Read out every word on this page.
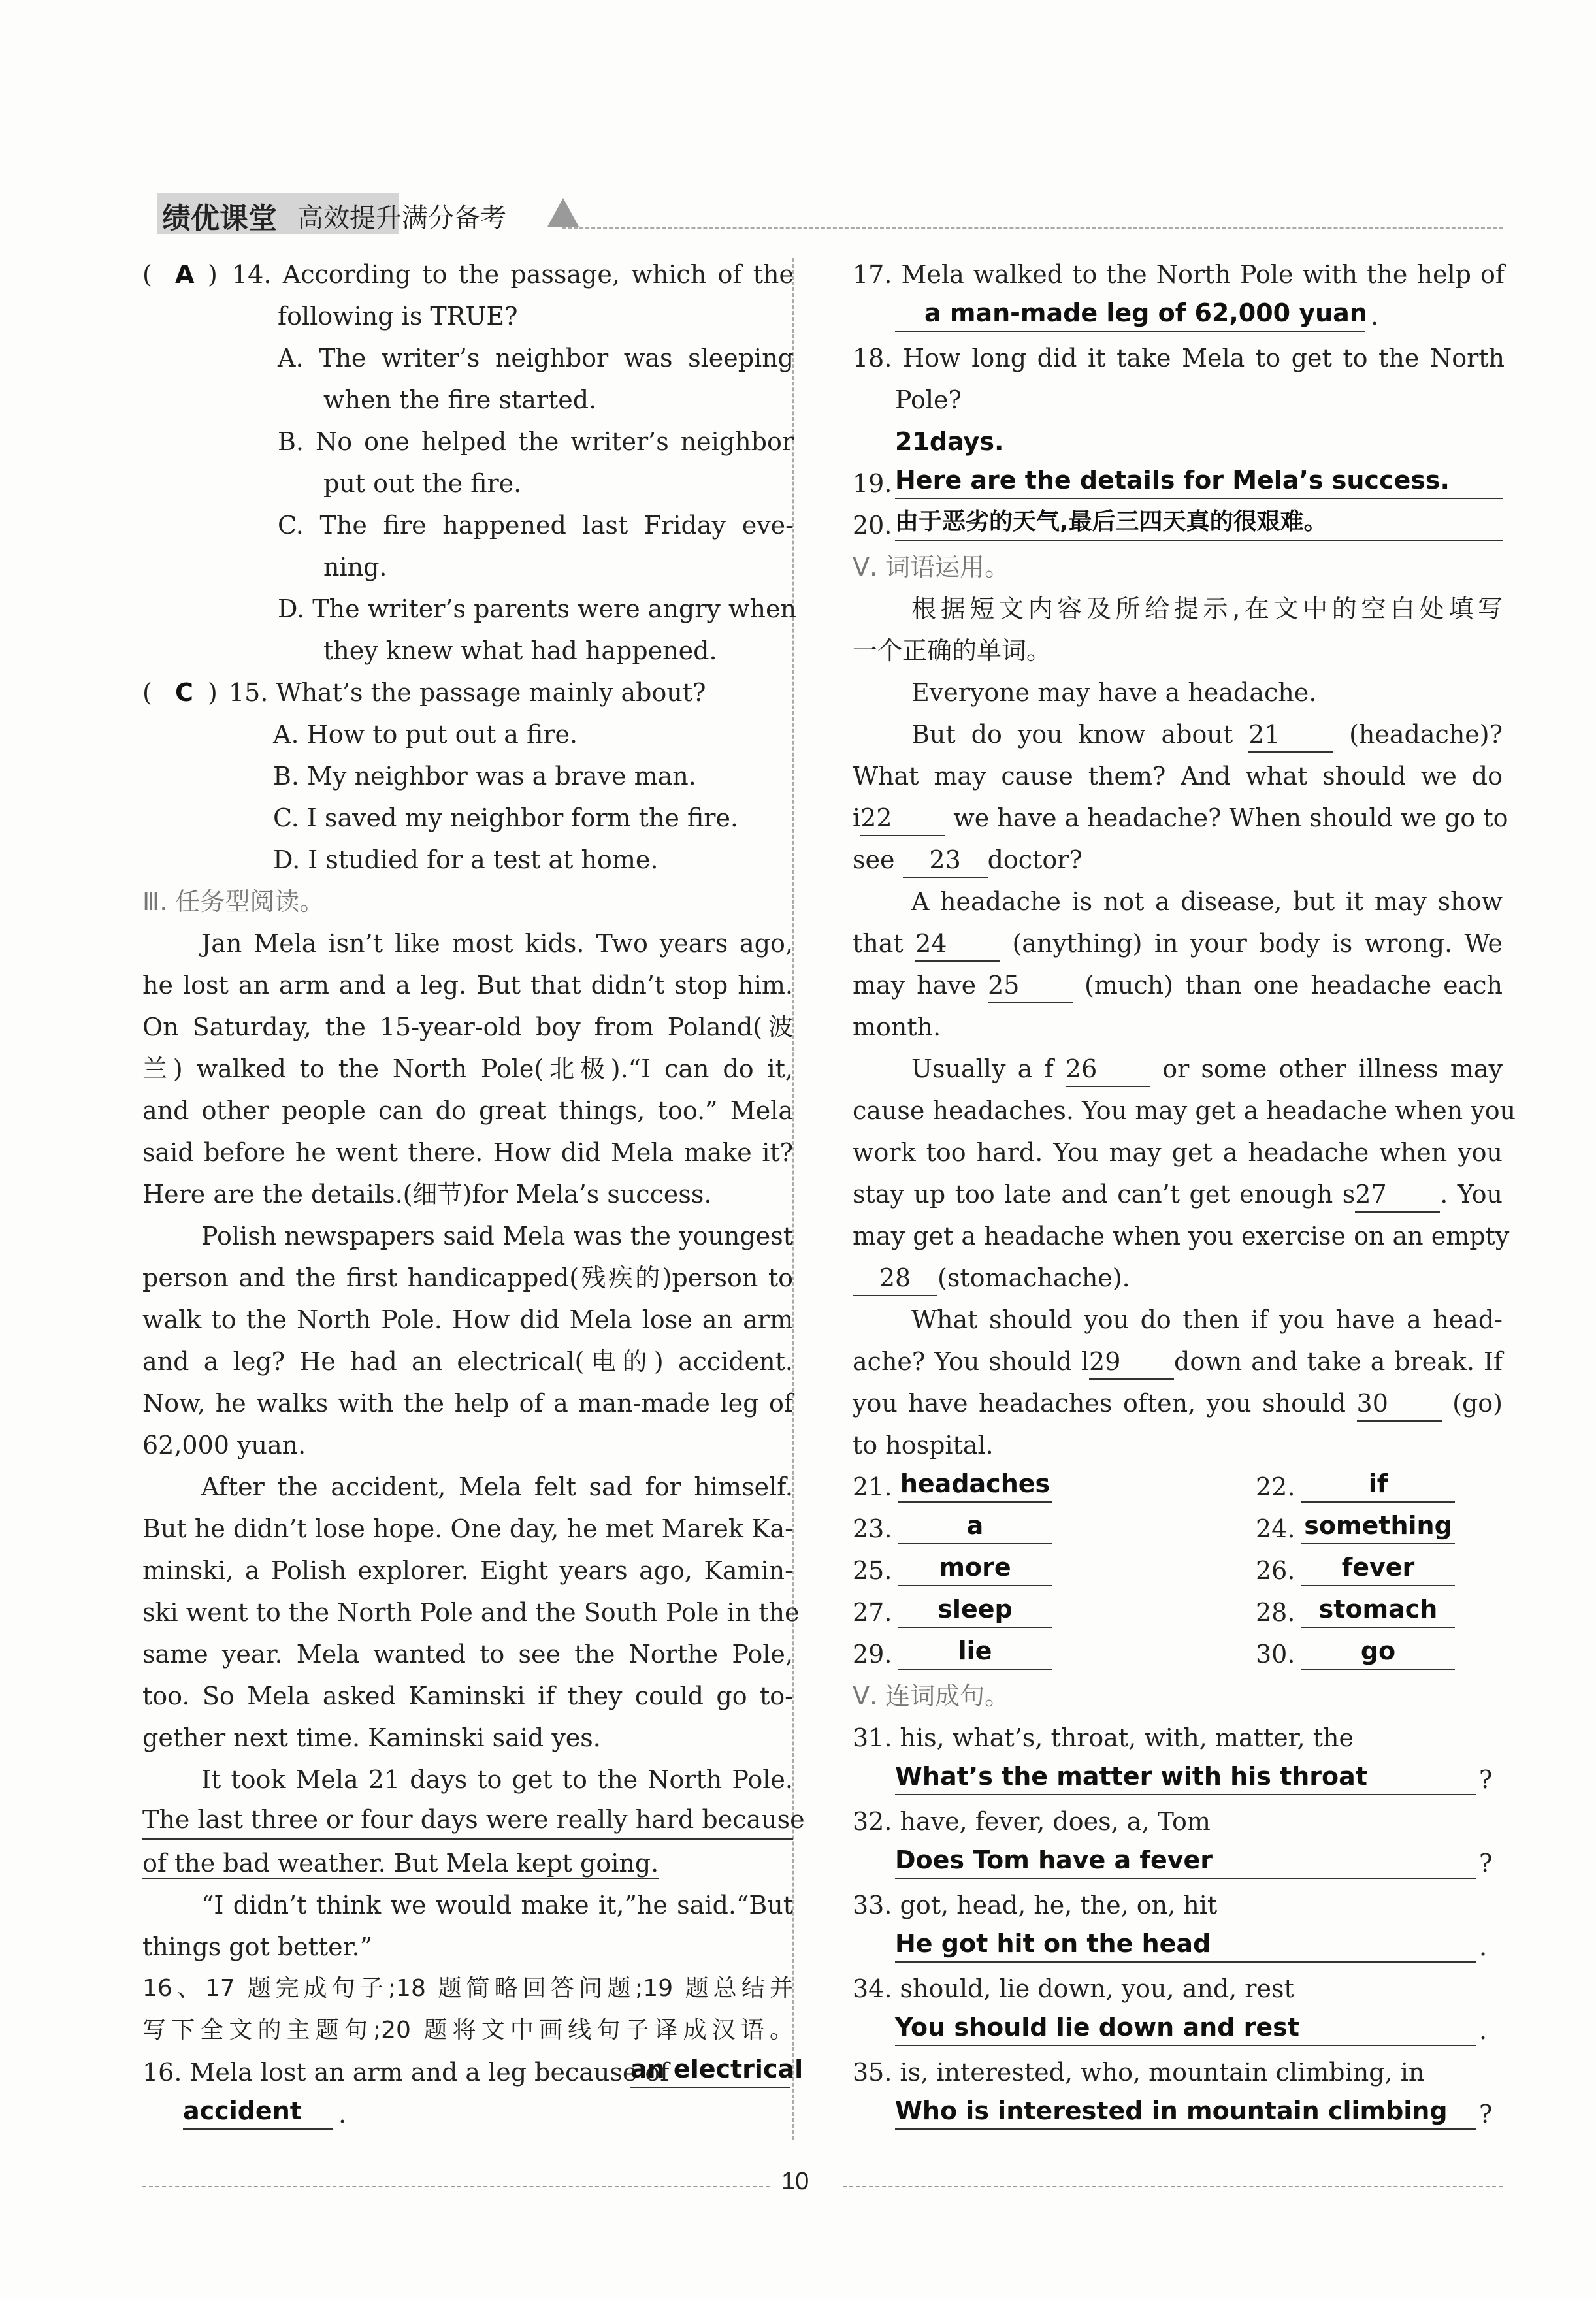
绩优课堂 高效提升满分备考
( A ) 14. According to the passage, which of the
following is TRUE?
A. The writer’s neighbor was sleeping
when the fire started.
B. No one helped the writer’s neighbor
put out the fire.
C. The fire happened last Friday eve-
ning.
D. The writer’s parents were angry when
they knew what had happened.
( C ) 15. What’s the passage mainly about?
A. How to put out a fire.
B. My neighbor was a brave man.
C. I saved my neighbor form the fire.
D. I studied for a test at home.
Ⅲ. 任务型阅读。
Jan Mela isn’t like most kids. Two years ago,
he lost an arm and a leg. But that didn’t stop him.
On Saturday, the 15-year-old boy from Poland(波
兰) walked to the North Pole(北极).“I can do it,
and other people can do great things, too.” Mela
said before he went there. How did Mela make it?
Here are the details.(细节)for Mela’s success.
Polish newspapers said Mela was the youngest
person and the first handicapped(残疾的)person to
walk to the North Pole. How did Mela lose an arm
and a leg? He had an electrical(电的) accident.
Now, he walks with the help of a man-made leg of
62,000 yuan.
After the accident, Mela felt sad for himself.
But he didn’t lose hope. One day, he met Marek Ka-
minski, a Polish explorer. Eight years ago, Kamin-
ski went to the North Pole and the South Pole in the
same year. Mela wanted to see the Northe Pole,
too. So Mela asked Kaminski if they could go to-
gether next time. Kaminski said yes.
It took Mela 21 days to get to the North Pole.
The last three or four days were really hard because
of the bad weather. But Mela kept going.
“I didn’t think we would make it,”he said.“But
things got better.”
16、17 题完成句子;18 题简略回答问题;19 题总结并
写下全文的主题句;20 题将文中画线句子译成汉语。
16. Mela lost an arm and a leg because of
an electrical
accident	.
17. Mela walked to the North Pole with the help of
a man-made leg of 62,000 yuan .
18. How long did it take Mela to get to the North
Pole?
21days.
19. Here are the details for Mela’s success.
20. 由于恶劣的天气,最后三四天真的很艰难。
Ⅴ. 词语运用。
根据短文内容及所给提示,在文中的空白处填写
一个正确的单词。
Everyone may have a headache.
But do you know about 21	(headache)?
What may cause them? And what should we do
i22 we have a headache? When should we go to
see 23 doctor?
A headache is not a disease, but it may show
that 24	(anything) in your body is wrong. We
may have 25	(much) than one headache each
month.
Usually a f 26	or some other illness may
cause headaches. You may get a headache when you
work too hard. You may get a headache when you
stay up too late and can’t get enough s27 . You
may get a headache when you exercise on an empty
28 (stomachache).
What should you do then if you have a head-
ache? You should l29 down and take a break. If
you have headaches often, you should 30	(go)
to hospital.
21. headaches	22.	if
23.	a	24. something
25.	more	26.	fever
27.	sleep	28. stomach
29.	lie	30.	go
Ⅴ. 连词成句。
31. his, what’s, throat, with, matter, the
What’s the matter with his throat	?
32. have, fever, does, a, Tom
Does Tom have a fever	?
33. got, head, he, the, on, hit
He got hit on the head	.
34. should, lie down, you, and, rest
You should lie down and rest	.
35. is, interested, who, mountain climbing, in
Who is interested in mountain climbing	?
10
